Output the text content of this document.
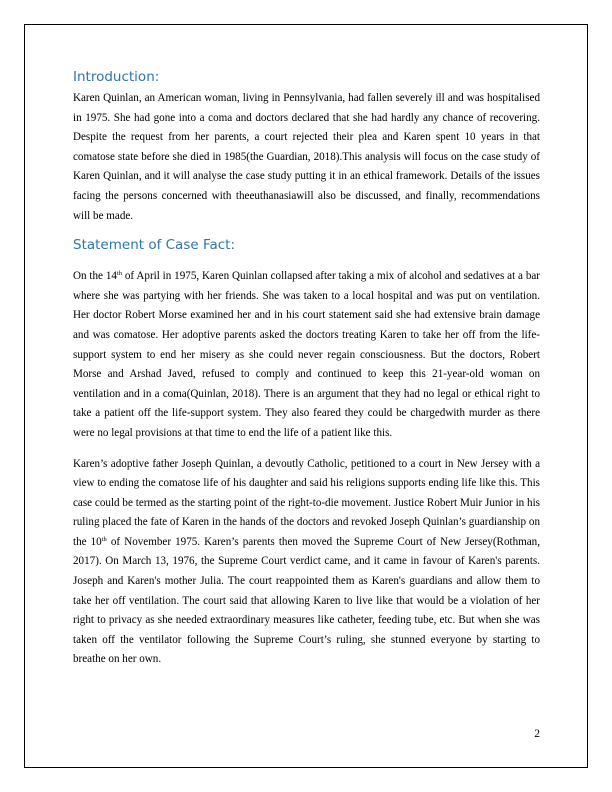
Introduction:

Karen Quinlan, an American woman, living in Pennsylvania, had fallen severely ill and was hospitalised in 1975. She had gone into a coma and doctors declared that she had hardly any chance of recovering. Despite the request from her parents, a court rejected their plea and Karen spent 10 years in that comatose state before she died in 1985(the Guardian, 2018).This analysis will focus on the case study of Karen Quinlan, and it will analyse the case study putting it in an ethical framework. Details of the issues facing the persons concerned with theeuthanasiawill also be discussed, and finally, recommendations will be made.

Statement of Case Fact:

On the 14th of April in 1975, Karen Quinlan collapsed after taking a mix of alcohol and sedatives at a bar where she was partying with her friends. She was taken to a local hospital and was put on ventilation. Her doctor Robert Morse examined her and in his court statement said she had extensive brain damage and was comatose. Her adoptive parents asked the doctors treating Karen to take her off from the life-support system to end her misery as she could never regain consciousness. But the doctors, Robert Morse and Arshad Javed, refused to comply and continued to keep this 21-year-old woman on ventilation and in a coma(Quinlan, 2018). There is an argument that they had no legal or ethical right to take a patient off the life-support system. They also feared they could be chargedwith murder as there were no legal provisions at that time to end the life of a patient like this.

Karen’s adoptive father Joseph Quinlan, a devoutly Catholic, petitioned to a court in New Jersey with a view to ending the comatose life of his daughter and said his religions supports ending life like this. This case could be termed as the starting point of the right-to-die movement. Justice Robert Muir Junior in his ruling placed the fate of Karen in the hands of the doctors and revoked Joseph Quinlan’s guardianship on the 10th of November 1975. Karen’s parents then moved the Supreme Court of New Jersey(Rothman, 2017). On March 13, 1976, the Supreme Court verdict came, and it came in favour of Karen's parents. Joseph and Karen's mother Julia. The court reappointed them as Karen's guardians and allow them to take her off ventilation. The court said that allowing Karen to live like that would be a violation of her right to privacy as she needed extraordinary measures like catheter, feeding tube, etc. But when she was taken off the ventilator following the Supreme Court’s ruling, she stunned everyone by starting to breathe on her own.

2
